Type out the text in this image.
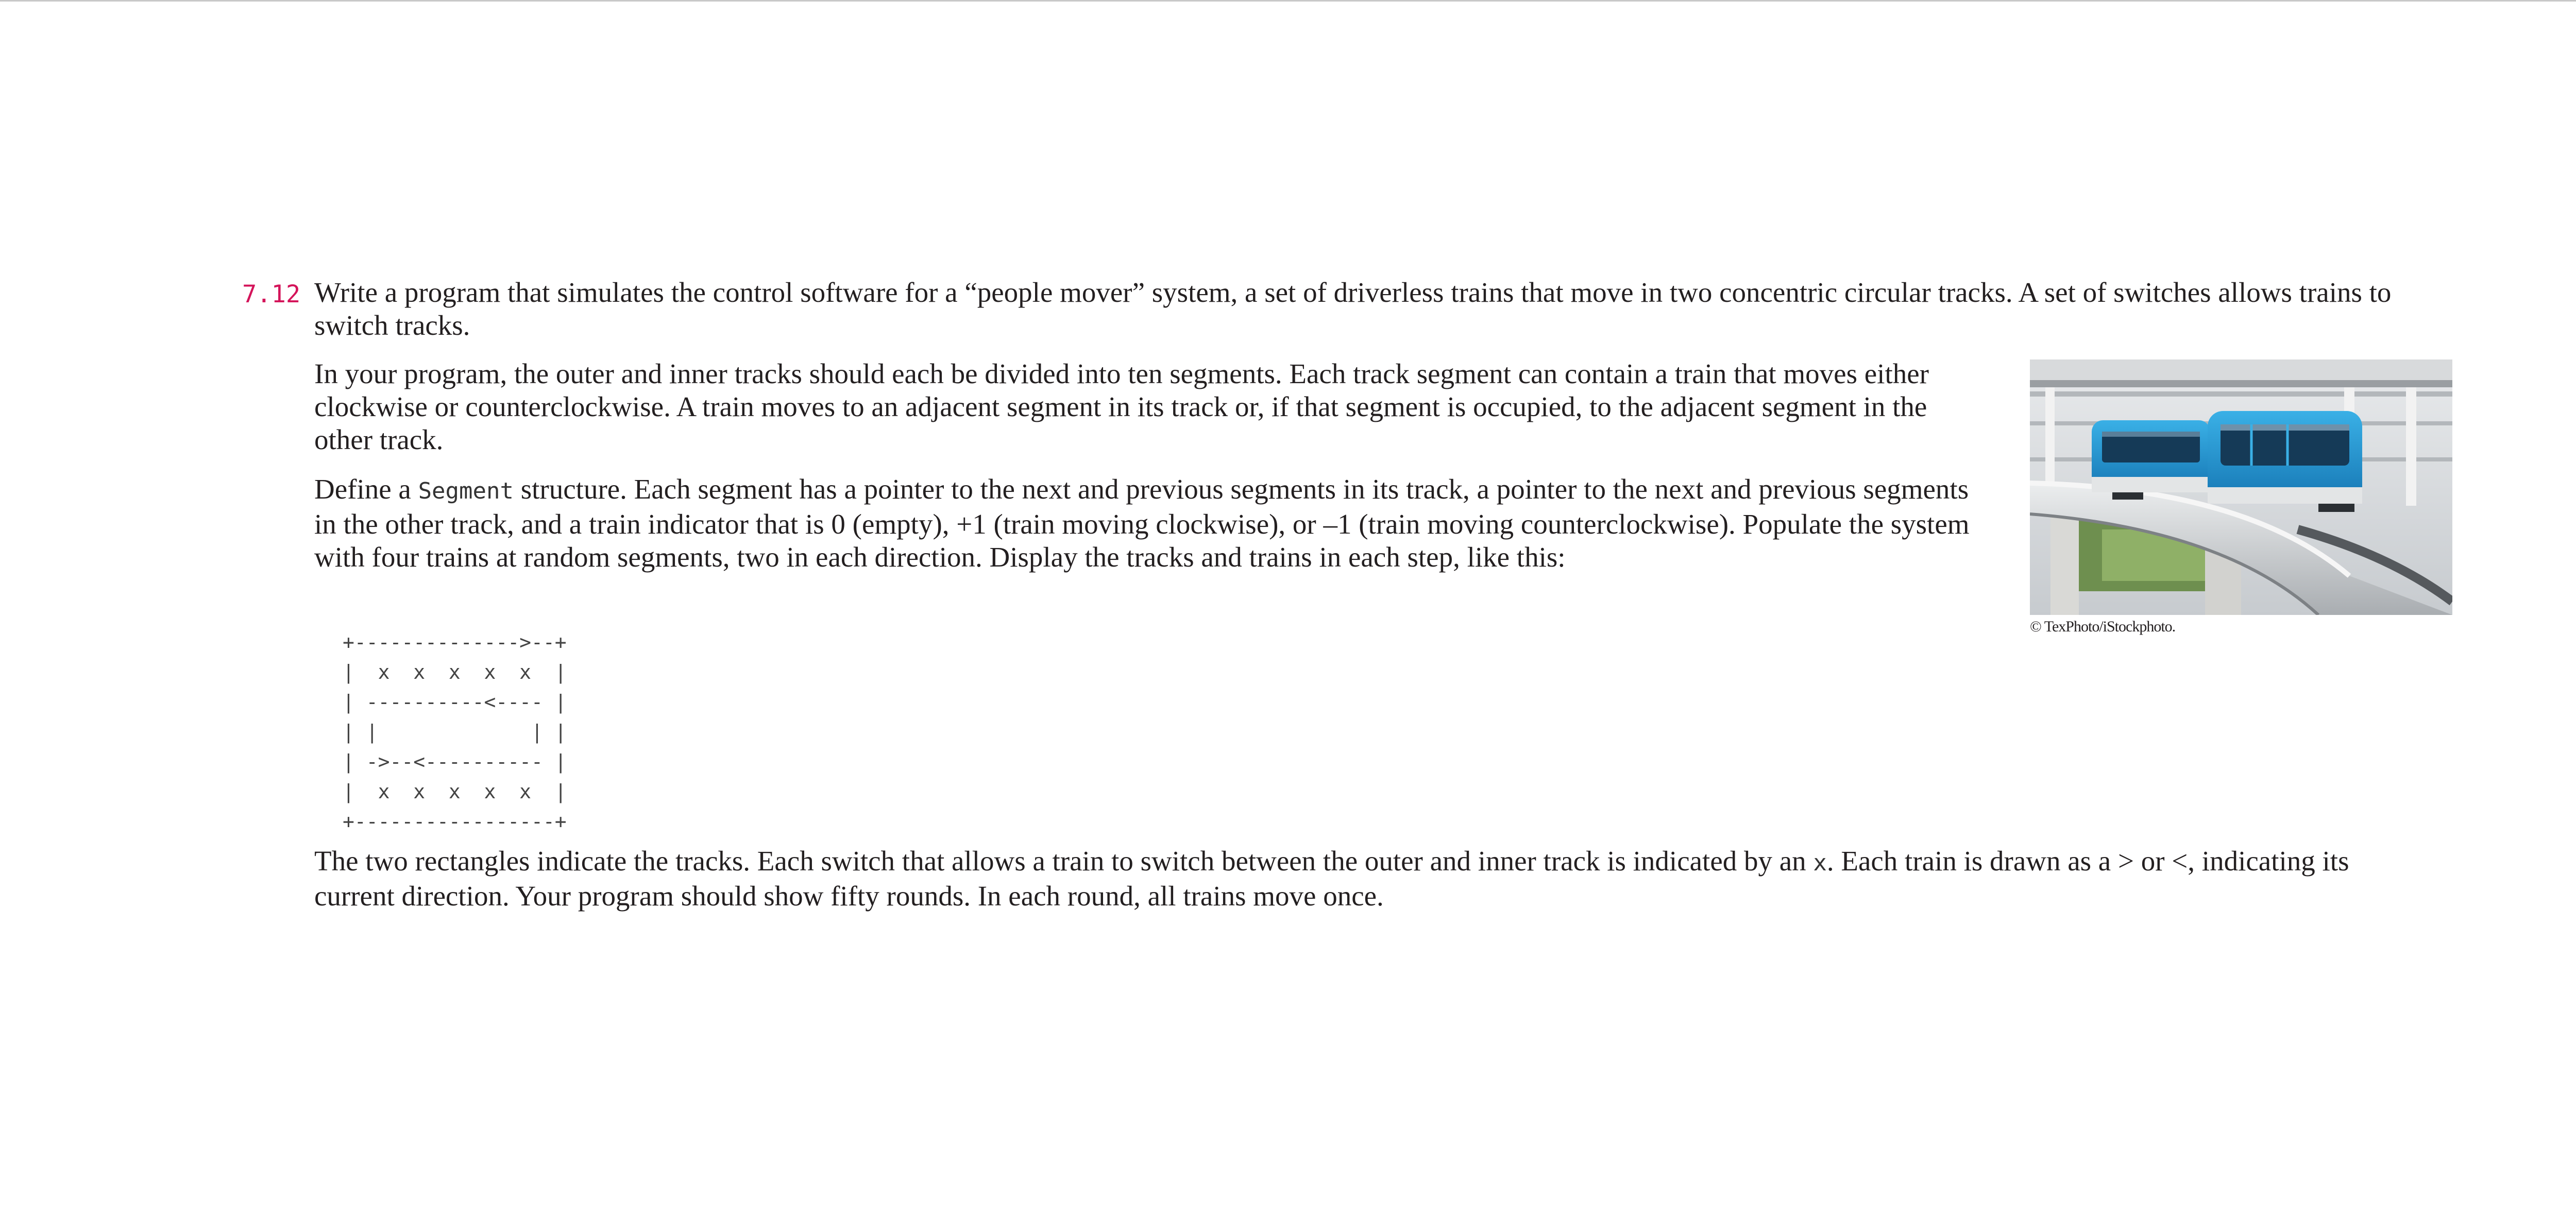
7.12 Write a program that simulates the control software for a “people mover” system, a set of driverless trains that move in two concentric circular tracks. A set of switches allows trains to switch tracks.

In your program, the outer and inner tracks should each be divided into ten segments. Each track segment can contain a train that moves either clockwise or counterclockwise. A train moves to an adjacent segment in its track or, if that segment is occupied, to the adjacent segment in the other track.

Define a Segment structure. Each segment has a pointer to the next and previous segments in its track, a pointer to the next and previous segments in the other track, and a train indicator that is 0 (empty), +1 (train moving clockwise), or –1 (train moving counterclockwise). Populate the system with four trains at random segments, two in each direction. Display the tracks and trains in each step, like this:

+-------------->--+
|  x  x  x  x  x  |
| ----------<---- |
| |             | |
| ->--<---------- |
|  x  x  x  x  x  |
+-----------------+

The two rectangles indicate the tracks. Each switch that allows a train to switch between the outer and inner track is indicated by an x. Each train is drawn as a > or <, indicating its current direction. Your program should show fifty rounds. In each round, all trains move once.

© TexPhoto/iStockphoto.
